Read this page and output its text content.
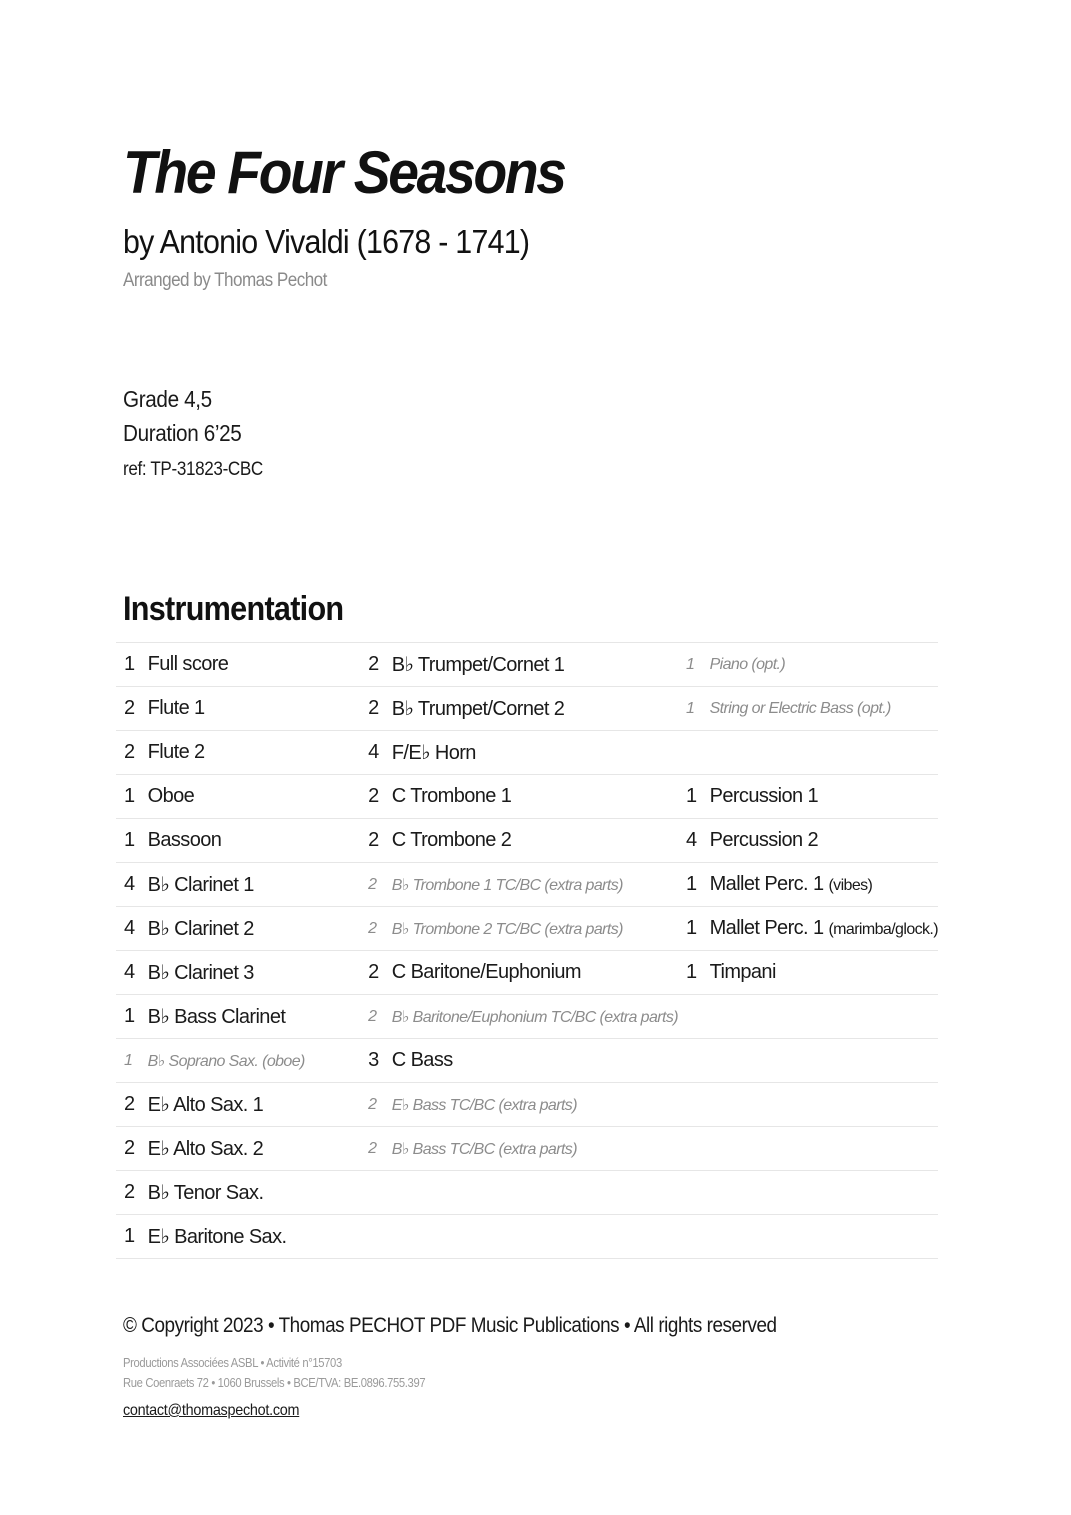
The Four Seasons
by Antonio Vivaldi (1678 - 1741)
Arranged by Thomas Pechot
Grade 4,5
Duration 6’25
ref: TP-31823-CBC
Instrumentation
1	Full score	2	B♭ Trumpet/Cornet 1	1	Piano (opt.)
2	Flute 1	2	B♭ Trumpet/Cornet 2	1	String or Electric Bass (opt.)
2	Flute 2	4	F/E♭ Horn		
1	Oboe	2	C Trombone 1	1	Percussion 1
1	Bassoon	2	C Trombone 2	4	Percussion 2
4	B♭ Clarinet 1	2	B♭ Trombone 1 TC/BC (extra parts)	1	Mallet Perc. 1 (vibes)
4	B♭ Clarinet 2	2	B♭ Trombone 2 TC/BC (extra parts)	1	Mallet Perc. 1 (marimba/glock.)
4	B♭ Clarinet 3	2	C Baritone/Euphonium	1	Timpani
1	B♭ Bass Clarinet	2	B♭ Baritone/Euphonium TC/BC (extra parts)		
1	B♭ Soprano Sax. (oboe)	3	C Bass		
2	E♭ Alto Sax. 1	2	E♭ Bass TC/BC (extra parts)		
2	E♭ Alto Sax. 2	2	B♭ Bass TC/BC (extra parts)		
2	B♭ Tenor Sax.				
1	E♭ Baritone Sax.				
© Copyright 2023 • Thomas PECHOT PDF Music Publications • All rights reserved
Productions Associées ASBL • Activité n°15703
Rue Coenraets 72 • 1060 Brussels • BCE/TVA: BE.0896.755.397
contact@thomaspechot.com
